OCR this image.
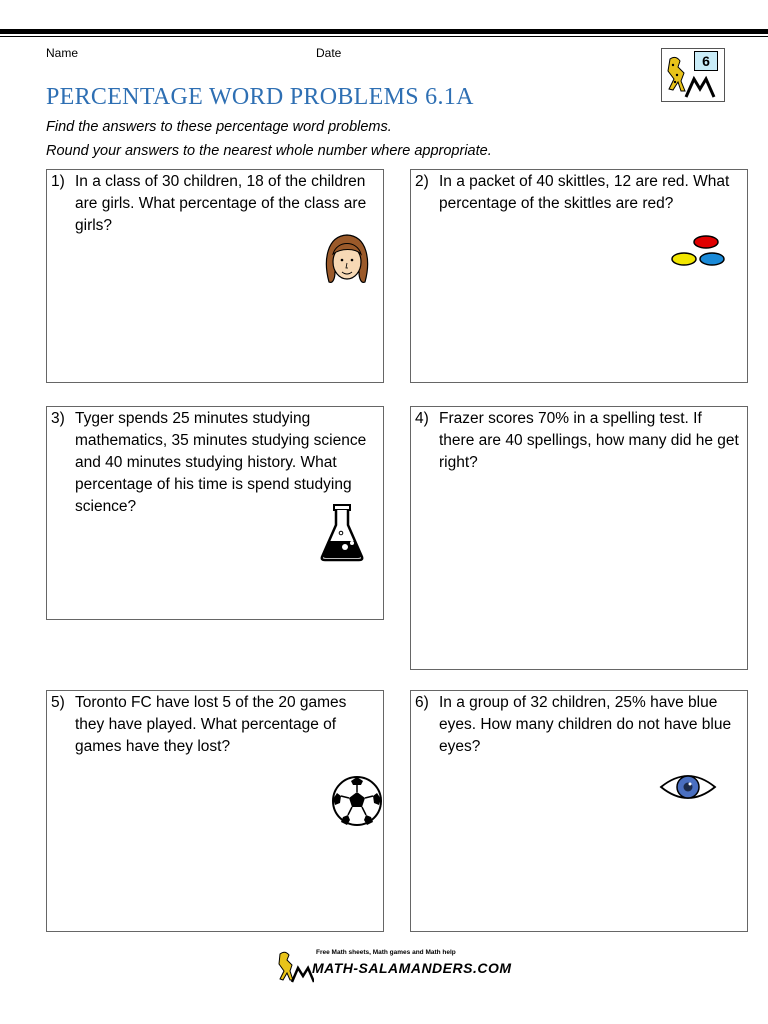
Name	Date	6
PERCENTAGE WORD PROBLEMS 6.1A
Find the answers to these percentage word problems.
Round your answers to the nearest whole number where appropriate.
1) In a class of 30 children, 18 of the children are girls. What percentage of the class are girls?
2) In a packet of 40 skittles, 12 are red. What percentage of the skittles are red?
3) Tyger spends 25 minutes studying mathematics, 35 minutes studying science and 40 minutes studying history. What percentage of his time is spend studying science?
4) Frazer scores 70% in a spelling test. If there are 40 spellings, how many did he get right?
5) Toronto FC have lost 5 of the 20 games they have played. What percentage of games have they lost?
6) In a group of 32 children, 25% have blue eyes. How many children do not have blue eyes?
Free Math sheets, Math games and Math help
MATH-SALAMANDERS.COM
